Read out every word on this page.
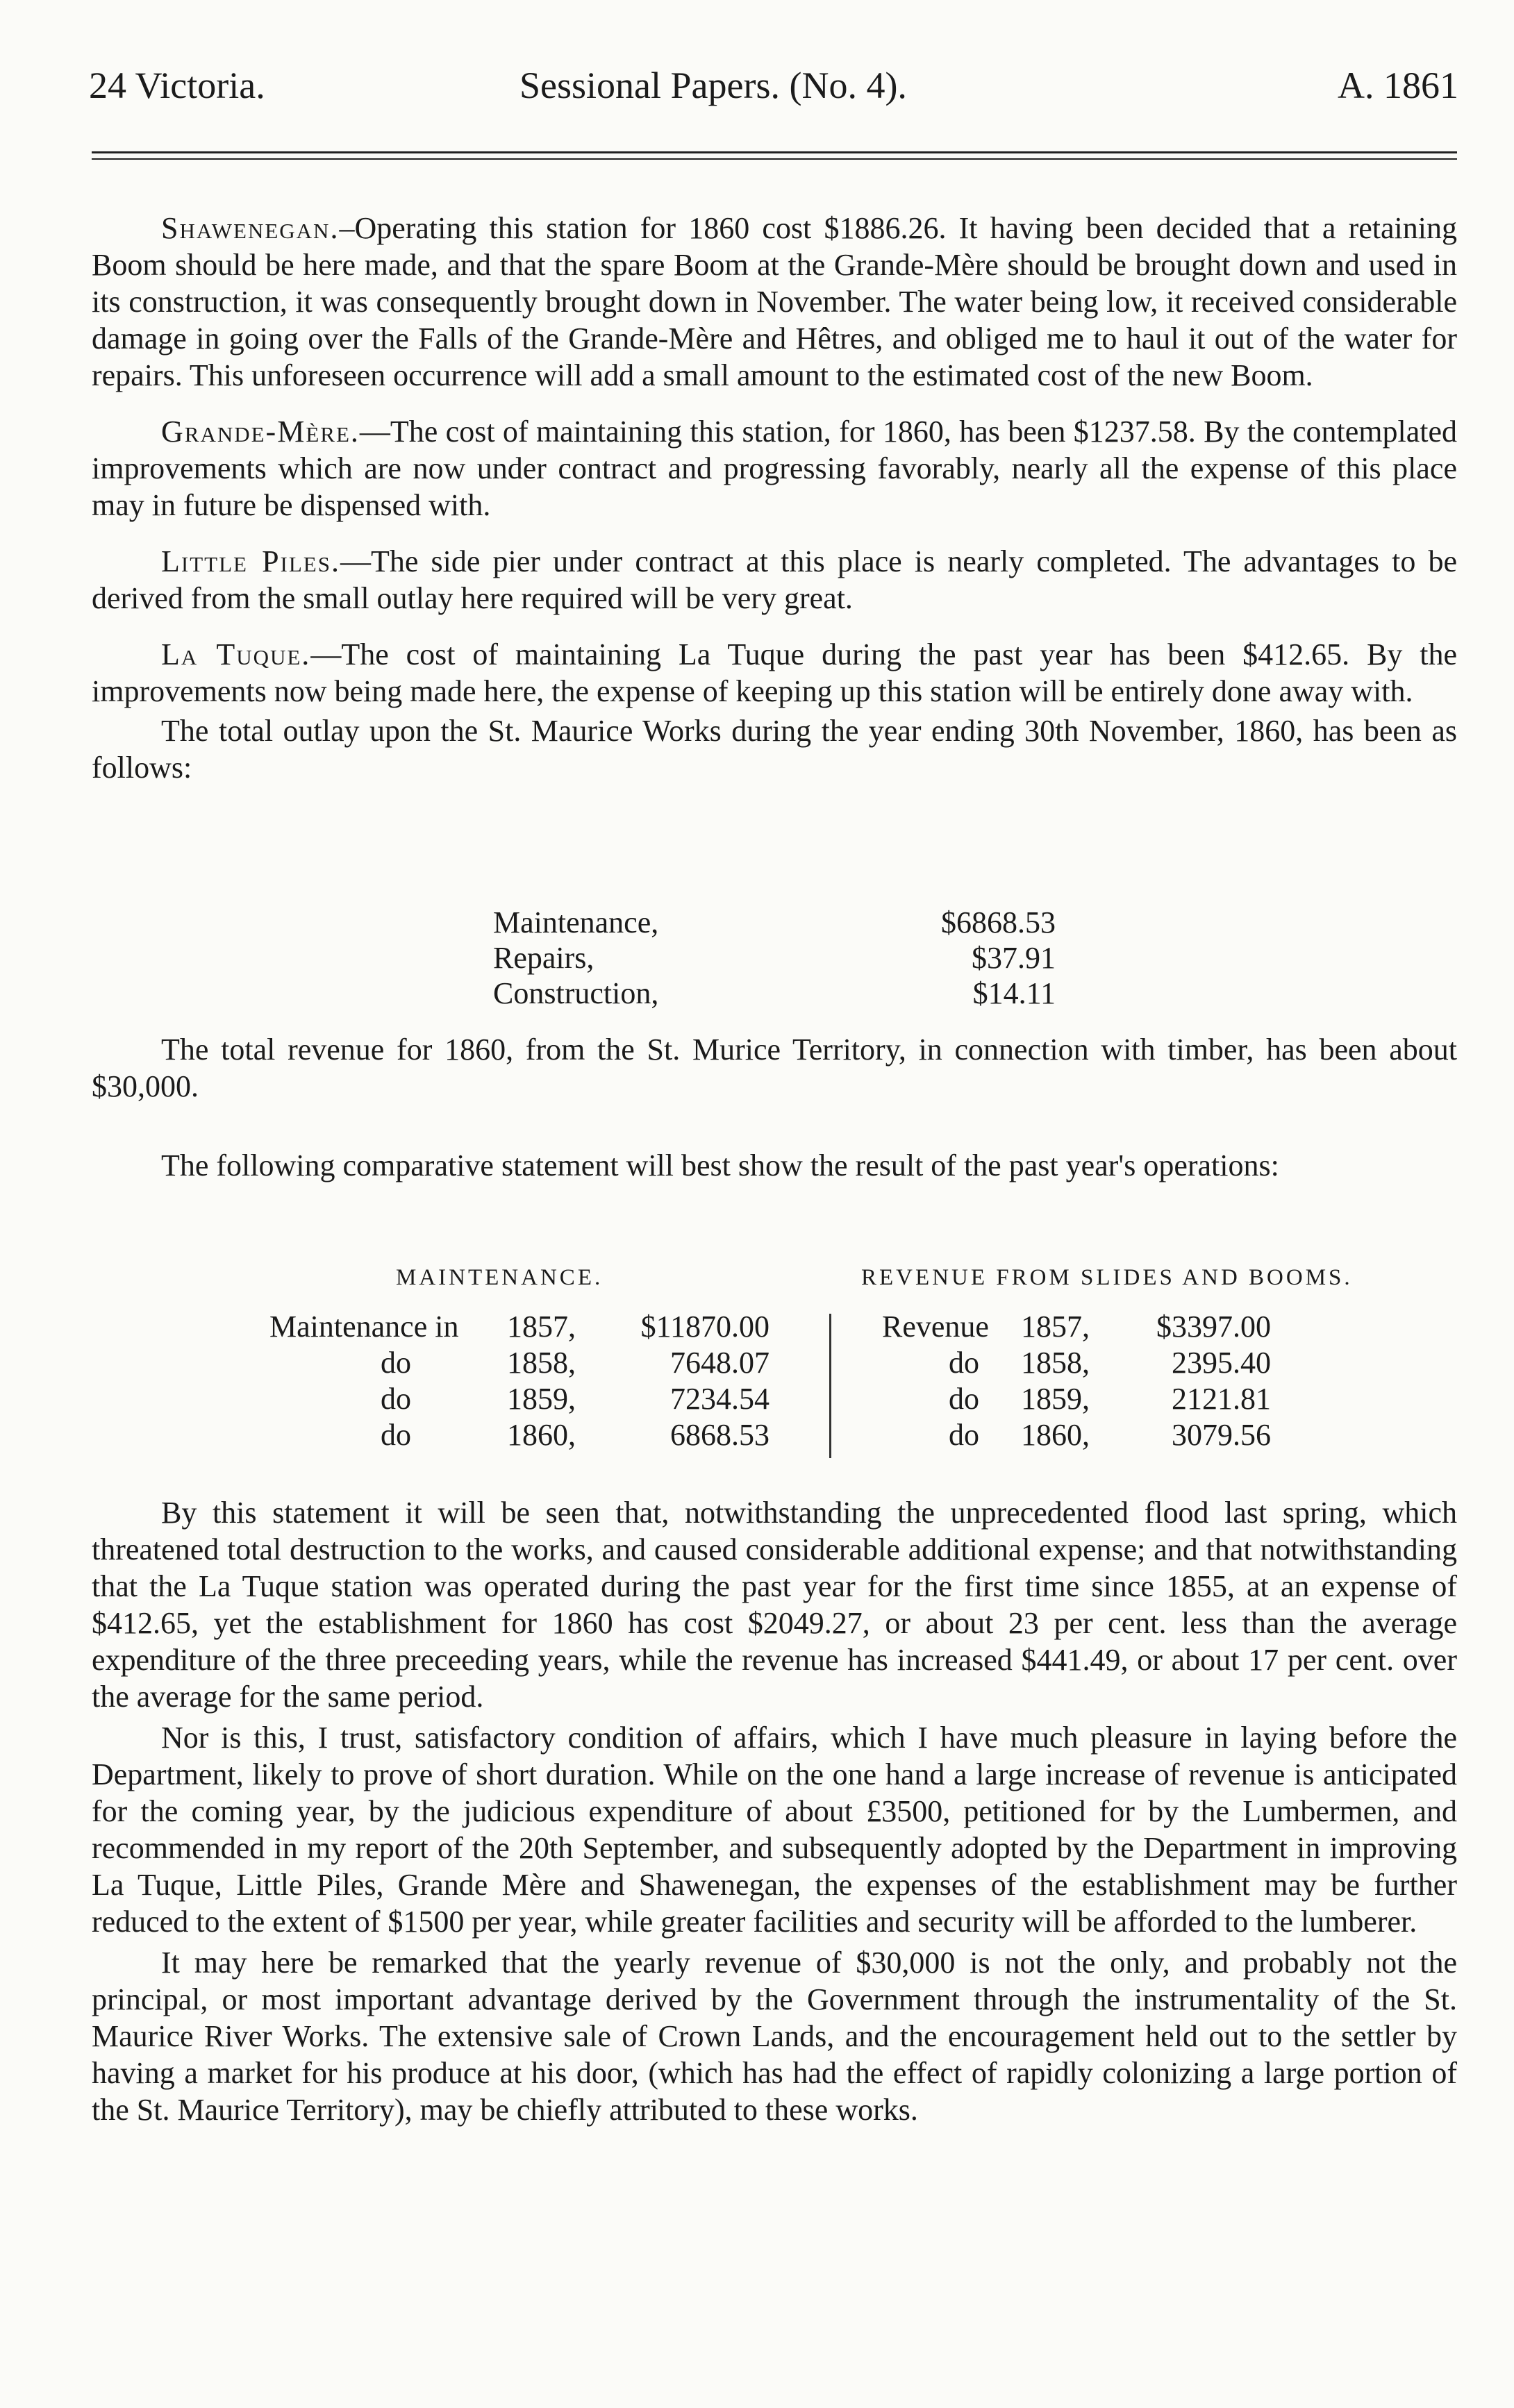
24 Victoria.	Sessional Papers. (No. 4).	A. 1861

Shawenegan.–Operating this station for 1860 cost $1886.26. It having been decided that a retaining Boom should be here made, and that the spare Boom at the Grande-Mère should be brought down and used in its construction, it was consequently brought down in November. The water being low, it received considerable damage in going over the Falls of the Grande-Mère and Hêtres, and obliged me to haul it out of the water for repairs. This unforeseen occurrence will add a small amount to the estimated cost of the new Boom.

Grande-Mère.—The cost of maintaining this station, for 1860, has been $1237.58. By the contemplated improvements which are now under contract and progressing favorably, nearly all the expense of this place may in future be dispensed with.

Little Piles.—The side pier under contract at this place is nearly completed. The advantages to be derived from the small outlay here required will be very great.

La Tuque.—The cost of maintaining La Tuque during the past year has been $412.65. By the improvements now being made here, the expense of keeping up this station will be entirely done away with.

The total outlay upon the St. Maurice Works during the year ending 30th November, 1860, has been as follows:

Maintenance,	$6868.53
Repairs,	$37.91
Construction,	$14.11

The total revenue for 1860, from the St. Murice Territory, in connection with timber, has been about $30,000.

The following comparative statement will best show the result of the past year's operations:

MAINTENANCE.	REVENUE FROM SLIDES AND BOOMS.
Maintenance in 1857, $11870.00
do	1858,	7648.07
do	1859,	7234.54
do	1860,	6868.53
Revenue 1857, $3397.00
do 1858,	2395.40
do 1859,	2121.81
do 1860,	3079.56

By this statement it will be seen that, notwithstanding the unprecedented flood last spring, which threatened total destruction to the works, and caused considerable additional expense; and that notwithstanding that the La Tuque station was operated during the past year for the first time since 1855, at an expense of $412.65, yet the establishment for 1860 has cost $2049.27, or about 23 per cent. less than the average expenditure of the three preceeding years, while the revenue has increased $441.49, or about 17 per cent. over the average for the same period.

Nor is this, I trust, satisfactory condition of affairs, which I have much pleasure in laying before the Department, likely to prove of short duration. While on the one hand a large increase of revenue is anticipated for the coming year, by the judicious expenditure of about £3500, petitioned for by the Lumbermen, and recommended in my report of the 20th September, and subsequently adopted by the Department in improving La Tuque, Little Piles, Grande Mère and Shawenegan, the expenses of the establishment may be further reduced to the extent of $1500 per year, while greater facilities and security will be afforded to the lumberer.

It may here be remarked that the yearly revenue of $30,000 is not the only, and probably not the principal, or most important advantage derived by the Government through the instrumentality of the St. Maurice River Works. The extensive sale of Crown Lands, and the encouragement held out to the settler by having a market for his produce at his door, (which has had the effect of rapidly colonizing a large portion of the St. Maurice Territory), may be chiefly attributed to these works.
